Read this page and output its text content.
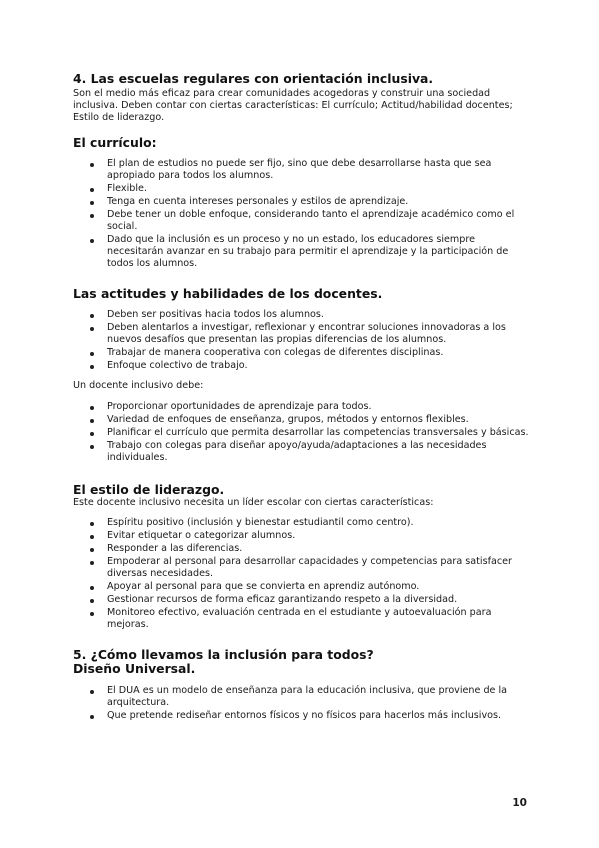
4. Las escuelas regulares con orientación inclusiva.

Son el medio más eficaz para crear comunidades acogedoras y construir una sociedad inclusiva. Deben contar con ciertas características: El currículo; Actitud/habilidad docentes; Estilo de liderazgo.

El currículo:
El plan de estudios no puede ser fijo, sino que debe desarrollarse hasta que sea apropiado para todos los alumnos.
Flexible.
Tenga en cuenta intereses personales y estilos de aprendizaje.
Debe tener un doble enfoque, considerando tanto el aprendizaje académico como el social.
Dado que la inclusión es un proceso y no un estado, los educadores siempre necesitarán avanzar en su trabajo para permitir el aprendizaje y la participación de todos los alumnos.
Las actitudes y habilidades de los docentes.
Deben ser positivas hacia todos los alumnos.
Deben alentarlos a investigar, reflexionar y encontrar soluciones innovadoras a los nuevos desafíos que presentan las propias diferencias de los alumnos.
Trabajar de manera cooperativa con colegas de diferentes disciplinas.
Enfoque colectivo de trabajo.

Un docente inclusivo debe:

Proporcionar oportunidades de aprendizaje para todos.
Variedad de enfoques de enseñanza, grupos, métodos y entornos flexibles.
Planificar el currículo que permita desarrollar las competencias transversales y básicas.
Trabajo con colegas para diseñar apoyo/ayuda/adaptaciones a las necesidades individuales.
El estilo de liderazgo.

Este docente inclusivo necesita un líder escolar con ciertas características:

Espíritu positivo (inclusión y bienestar estudiantil como centro).
Evitar etiquetar o categorizar alumnos.
Responder a las diferencias.
Empoderar al personal para desarrollar capacidades y competencias para satisfacer diversas necesidades.
Apoyar al personal para que se convierta en aprendiz autónomo.
Gestionar recursos de forma eficaz garantizando respeto a la diversidad.
Monitoreo efectivo, evaluación centrada en el estudiante y autoevaluación para mejoras.
5. ¿Cómo llevamos la inclusión para todos?
Diseño Universal.
El DUA es un modelo de enseñanza para la educación inclusiva, que proviene de la arquitectura.
Que pretende rediseñar entornos físicos y no físicos para hacerlos más inclusivos.
10
